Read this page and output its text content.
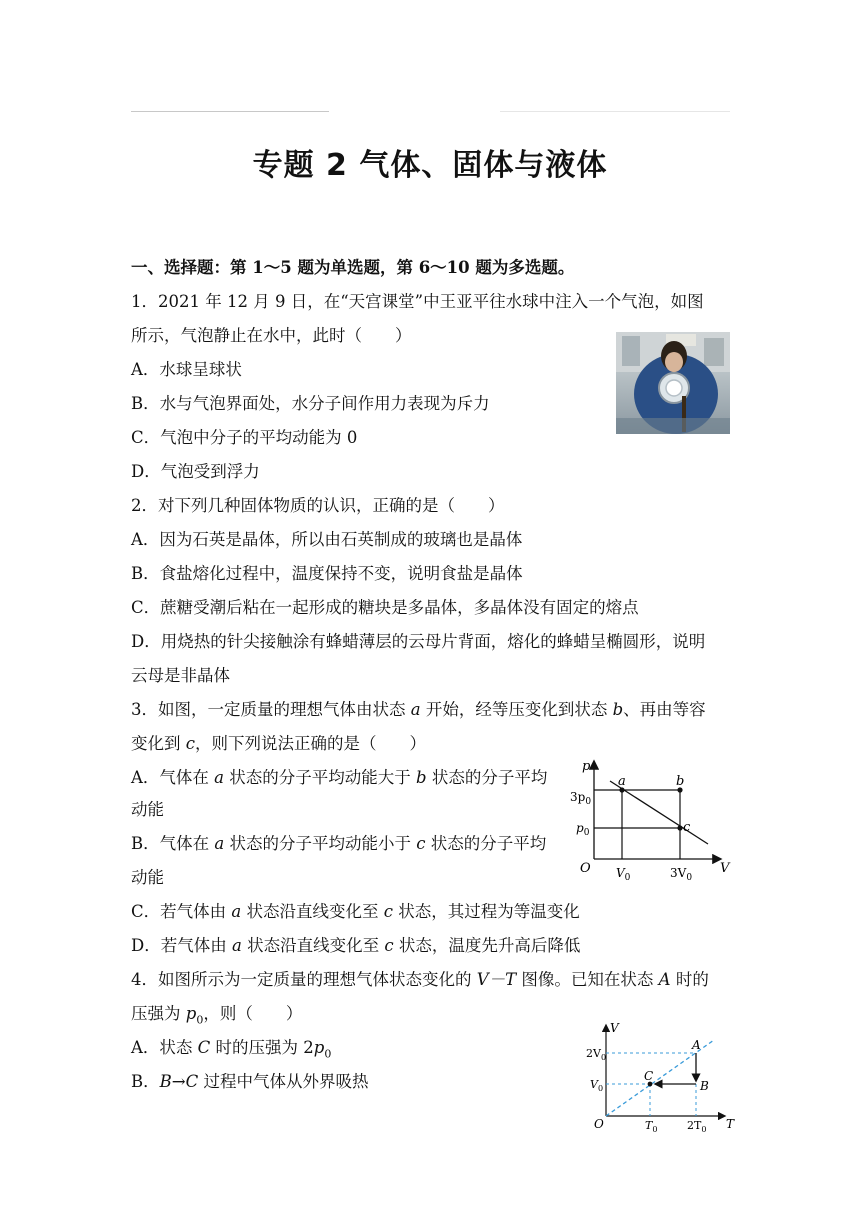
专题 2 气体、固体与液体
一、选择题：第 1～5 题为单选题，第 6～10 题为多选题。
1．2021 年 12 月 9 日，在“天宫课堂”中王亚平往水球中注入一个气泡，如图
所示，气泡静止在水中，此时（　　）
A．水球呈球状
B．水与气泡界面处，水分子间作用力表现为斥力
C．气泡中分子的平均动能为 0
D．气泡受到浮力
2．对下列几种固体物质的认识，正确的是（　　）
A．因为石英是晶体，所以由石英制成的玻璃也是晶体
B．食盐熔化过程中，温度保持不变，说明食盐是晶体
C．蔗糖受潮后粘在一起形成的糖块是多晶体，多晶体没有固定的熔点
D．用烧热的针尖接触涂有蜂蜡薄层的云母片背面，熔化的蜂蜡呈椭圆形，说明
云母是非晶体
3．如图，一定质量的理想气体由状态 a 开始，经等压变化到状态 b、再由等容
变化到 c，则下列说法正确的是（　　）
A．气体在 a 状态的分子平均动能大于 b 状态的分子平均
动能
B．气体在 a 状态的分子平均动能小于 c 状态的分子平均
动能
C．若气体由 a 状态沿直线变化至 c 状态，其过程为等温变化
D．若气体由 a 状态沿直线变化至 c 状态，温度先升高后降低
p
V
O
a	b
c
$3p_0$
$p_0$
$V_0$	$3V_0$
4．如图所示为一定质量的理想气体状态变化的 V－T 图像。已知在状态 A 时的
压强为 $p_0$，则（　　）
A．状态 C 时的压强为 $2p_0$
B．B→C 过程中气体从外界吸热
V
T
O
A
B
C
$2V_0$
$V_0$
$T_0$	$2T_0$
